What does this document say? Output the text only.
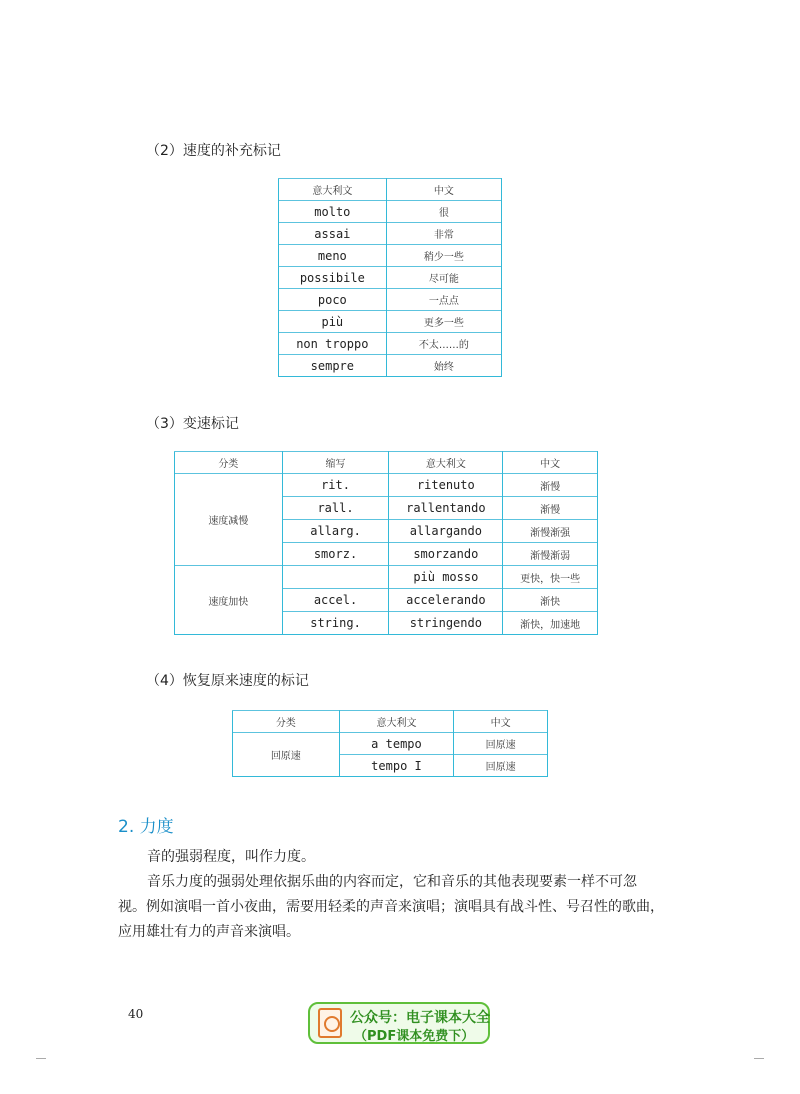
（2）速度的补充标记
意大利文	中文
molto	很
assai	非常
meno	稍少一些
possibile	尽可能
poco	一点点
più	更多一些
non troppo	不太……的
sempre	始终
（3）变速标记
分类	缩写	意大利文	中文
速度减慢	rit.	ritenuto	渐慢
	rall.	rallentando	渐慢
	allarg.	allargando	渐慢渐强
	smorz.	smorzando	渐慢渐弱
速度加快		più mosso	更快，快一些
	accel.	accelerando	渐快
	string.	stringendo	渐快，加速地
（4）恢复原来速度的标记
分类	意大利文	中文
回原速	a tempo	回原速
	tempo I	回原速
2. 力度
音的强弱程度，叫作力度。
音乐力度的强弱处理依据乐曲的内容而定，它和音乐的其他表现要素一样不可忽
视。例如演唱一首小夜曲，需要用轻柔的声音来演唱；演唱具有战斗性、号召性的歌曲，
应用雄壮有力的声音来演唱。
40	公众号：电子课本大全
（PDF课本免费下）
